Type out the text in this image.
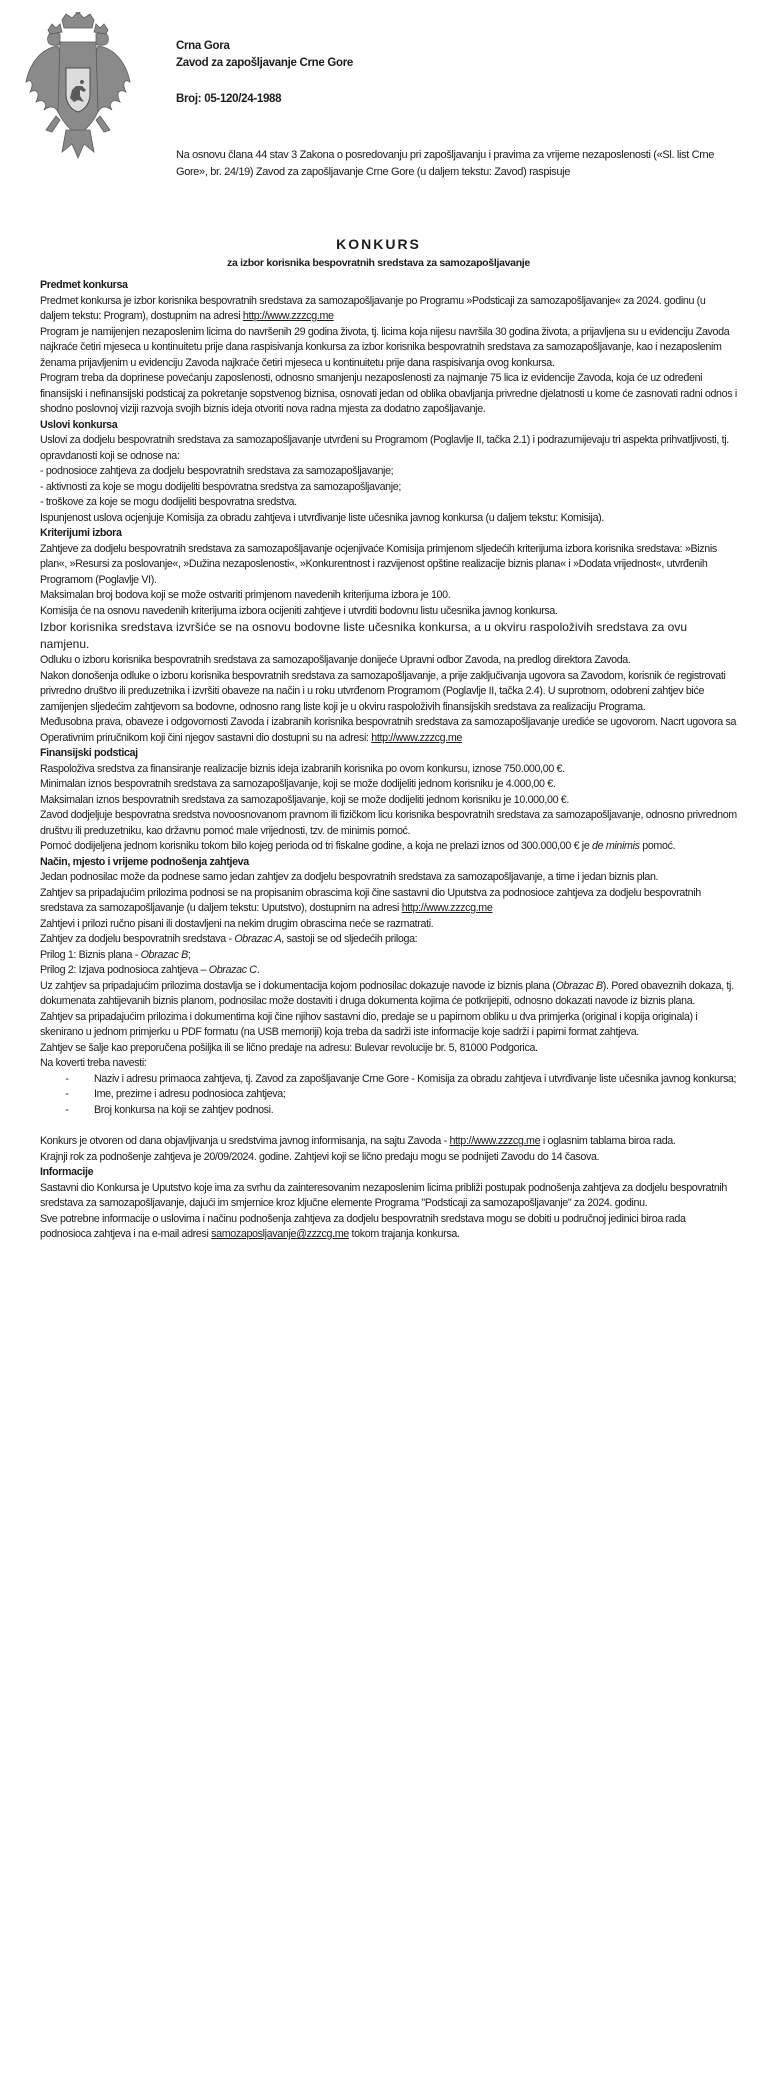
Crna Gora
Zavod za zapošljavanje Crne Gore
Broj: 05-120/24-1988
Na osnovu člana 44 stav 3 Zakona o posredovanju pri zapošljavanju i pravima za vrijeme nezaposlenosti («Sl. list Crne Gore», br. 24/19) Zavod za zapošljavanje Crne Gore (u daljem tekstu: Zavod) raspisuje
KONKURS
za izbor korisnika bespovratnih sredstava za samozapošljavanje

Predmet konkursa

Predmet konkursa je izbor korisnika bespovratnih sredstava za samozapošljavanje po Programu »Podsticaji za samozapošljavanje« za 2024. godinu (u daljem tekstu: Program), dostupnim na adresi http://www.zzzcg.me

Program je namijenjen nezaposlenim licima do navršenih 29 godina života, tj. licima koja nijesu navršila 30 godina života, a prijavljena su u evidenciju Zavoda najkraće četiri mjeseca u kontinuitetu prije dana raspisivanja konkursa za izbor korisnika bespovratnih sredstava za samozapošljavanje, kao i nezaposlenim ženama prijavljenim u evidenciju Zavoda najkraće četiri mjeseca u kontinuitetu prije dana raspisivanja ovog konkursa.

Program treba da doprinese povećanju zaposlenosti, odnosno smanjenju nezaposlenosti za najmanje 75 lica iz evidencije Zavoda, koja će uz određeni finansijski i nefinansijski podsticaj za pokretanje sopstvenog biznisa, osnovati jedan od oblika obavljanja privredne djelatnosti u kome će zasnovati radni odnos i shodno poslovnoj viziji razvoja svojih biznis ideja otvoriti nova radna mjesta za dodatno zapošljavanje.

Uslovi konkursa

Uslovi za dodjelu bespovratnih sredstava za samozapošljavanje utvrđeni su Programom (Poglavlje II, tačka 2.1) i podrazumijevaju tri aspekta prihvatljivosti, tj. opravdanosti koji se odnose na:

- podnosioce zahtjeva za dodjelu bespovratnih sredstava za samozapošljavanje;

- aktivnosti za koje se mogu dodijeliti bespovratna sredstva za samozapošljavanje;

- troškove za koje se mogu dodijeliti bespovratna sredstva.

Ispunjenost uslova ocjenjuje Komisija za obradu zahtjeva i utvrđivanje liste učesnika javnog konkursa (u daljem tekstu: Komisija).

Kriterijumi izbora

Zahtjeve za dodjelu bespovratnih sredstava za samozapošljavanje ocjenjivaće Komisija primjenom sljedećih kriterijuma izbora korisnika sredstava: »Biznis plan«, »Resursi za poslovanje«, »Dužina nezaposlenosti«, »Konkurentnost i razvijenost opštine realizacije biznis plana« i »Dodata vrijednost«, utvrđenih Programom (Poglavlje VI).

Maksimalan broj bodova koji se može ostvariti primjenom navedenih kriterijuma izbora je 100.

Komisija će na osnovu navedenih kriterijuma izbora ocijeniti zahtjeve i utvrditi bodovnu listu učesnika javnog konkursa.

Izbor korisnika sredstava izvršiće se na osnovu bodovne liste učesnika konkursa, a u okviru raspoloživih sredstava za ovu namjenu.

Odluku o izboru korisnika bespovratnih sredstava za samozapošljavanje donijeće Upravni odbor Zavoda, na predlog direktora Zavoda.

Nakon donošenja odluke o izboru korisnika bespovratnih sredstava za samozapošljavanje, a prije zaključivanja ugovora sa Zavodom, korisnik će registrovati privredno društvo ili preduzetnika i izvršiti obaveze na način i u roku utvrđenom Programom (Poglavlje II, tačka 2.4). U suprotnom, odobreni zahtjev biće zamijenjen sljedećim zahtjevom sa bodovne, odnosno rang liste koji je u okviru raspoloživih finansijskih sredstava za realizaciju Programa.

Međusobna prava, obaveze i odgovornosti Zavoda i izabranih korisnika bespovratnih sredstava za samozapošljavanje urediće se ugovorom. Nacrt ugovora sa Operativnim priručnikom koji čini njegov sastavni dio dostupni su na adresi: http://www.zzzcg.me

Finansijski podsticaj

Raspoloživa sredstva za finansiranje realizacije biznis ideja izabranih korisnika po ovom konkursu, iznose 750.000,00 €.

Minimalan iznos bespovratnih sredstava za samozapošljavanje, koji se može dodijeliti jednom korisniku je 4.000,00 €.

Maksimalan iznos bespovratnih sredstava za samozapošljavanje, koji se može dodijeliti jednom korisniku je 10.000,00 €.

Zavod dodjeljuje bespovratna sredstva novoosnovanom pravnom ili fizičkom licu korisnika bespovratnih sredstava za samozapošljavanje, odnosno privrednom društvu ili preduzetniku, kao državnu pomoć male vrijednosti, tzv. de minimis pomoć.

Pomoć dodijeljena jednom korisniku tokom bilo kojeg perioda od tri fiskalne godine, a koja ne prelazi iznos od 300.000,00 € je de minimis pomoć.

Način, mjesto i vrijeme podnošenja zahtjeva

Jedan podnosilac može da podnese samo jedan zahtjev za dodjelu bespovratnih sredstava za samozapošljavanje, a time i jedan biznis plan.

Zahtjev sa pripadajućim prilozima podnosi se na propisanim obrascima koji čine sastavni dio Uputstva za podnosioce zahtjeva za dodjelu bespovratnih sredstava za samozapošljavanje (u daljem tekstu: Uputstvo), dostupnim na adresi http://www.zzzcg.me

Zahtjevi i prilozi ručno pisani ili dostavljeni na nekim drugim obrascima neće se razmatrati.

Zahtjev za dodjelu bespovratnih sredstava - Obrazac A, sastoji se od sljedećih priloga:

Prilog 1: Biznis plana - Obrazac B;

Prilog 2: Izjava podnosioca zahtjeva – Obrazac C.

Uz zahtjev sa pripadajućim prilozima dostavlja se i dokumentacija kojom podnosilac dokazuje navode iz biznis plana (Obrazac B). Pored obaveznih dokaza, tj. dokumenata zahtijevanih biznis planom, podnosilac može dostaviti i druga dokumenta kojima će potkrijepiti, odnosno dokazati navode iz biznis plana.

Zahtjev sa pripadajućim prilozima i dokumentima koji čine njihov sastavni dio, predaje se u papirnom obliku u dva primjerka (original i kopija originala) i skenirano u jednom primjerku u PDF formatu (na USB memoriji) koja treba da sadrži iste informacije koje sadrži i papirni format zahtjeva.

Zahtjev se šalje kao preporučena pošiljka ili se lično predaje na adresu: Bulevar revolucije br. 5, 81000 Podgorica.

Na koverti treba navesti:

-	Naziv i adresu primaoca zahtjeva, tj. Zavod za zapošljavanje Crne Gore - Komisija za obradu zahtjeva i utvrđivanje liste učesnika javnog konkursa;
-	Ime, prezime i adresu podnosioca zahtjeva;
-	Broj konkursa na koji se zahtjev podnosi.

Konkurs je otvoren od dana objavljivanja u sredstvima javnog informisanja, na sajtu Zavoda - http://www.zzzcg.me i oglasnim tablama biroa rada.

Krajnji rok za podnošenje zahtjeva je 20/09/2024. godine. Zahtjevi koji se lično predaju mogu se podnijeti Zavodu do 14 časova.

Informacije

Sastavni dio Konkursa je Uputstvo koje ima za svrhu da zainteresovanim nezaposlenim licima približi postupak podnošenja zahtjeva za dodjelu bespovratnih sredstava za samozapošljavanje, dajući im smjernice kroz ključne elemente Programa "Podsticaji za samozapošljavanje" za 2024. godinu.

Sve potrebne informacije o uslovima i načinu podnošenja zahtjeva za dodjelu bespovratnih sredstava mogu se dobiti u područnoj jedinici biroa rada podnosioca zahtjeva i na e-mail adresi samozaposljavanje@zzzcg.me tokom trajanja konkursa.
